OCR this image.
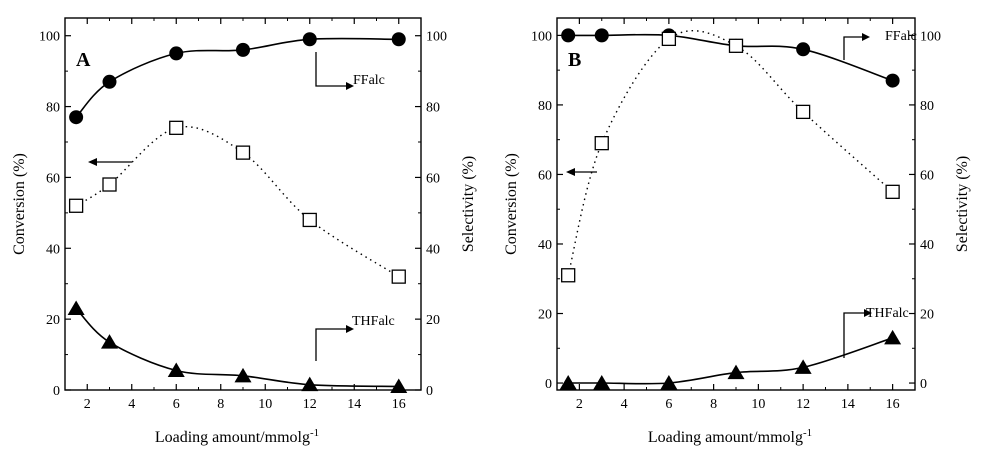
2	4	6	8 10 12 14 16
0	0
20	20
40	40
60	60
80	80
100	100
Loading amount/mmolg$^{-1}$
Conversion (%)	Selectivity (%)
A
FFalc
THFalc
2	4	6	8 10 12 14 16
0	0
20	20
40	40
60	60
80	80
100	100
Loading amount/mmolg$^{-1}$
Conversion (%)	Selectivity (%)
B
FFalc
THFalc
